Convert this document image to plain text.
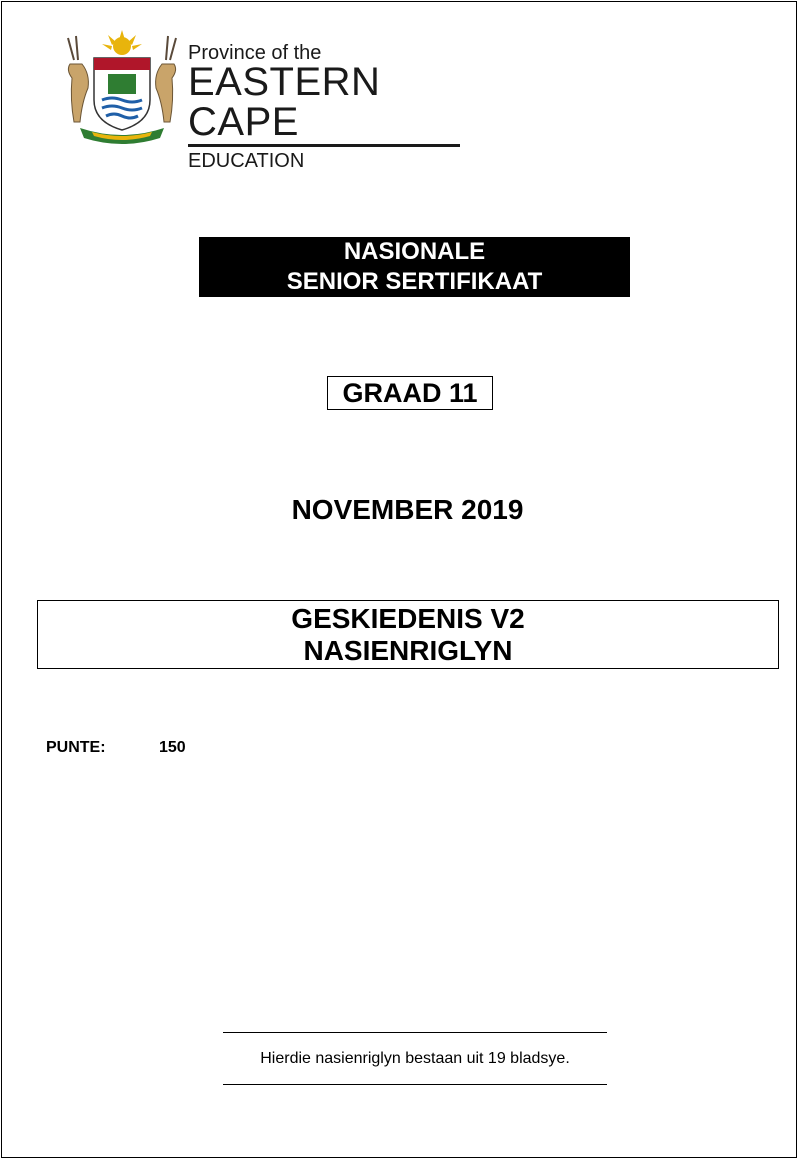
Province of the
EASTERN CAPE
EDUCATION
NASIONALE
SENIOR SERTIFIKAAT
GRAAD 11
NOVEMBER 2019
GESKIEDENIS V2
NASIENRIGLYN
PUNTE:	150
Hierdie nasienriglyn bestaan uit 19 bladsye.
